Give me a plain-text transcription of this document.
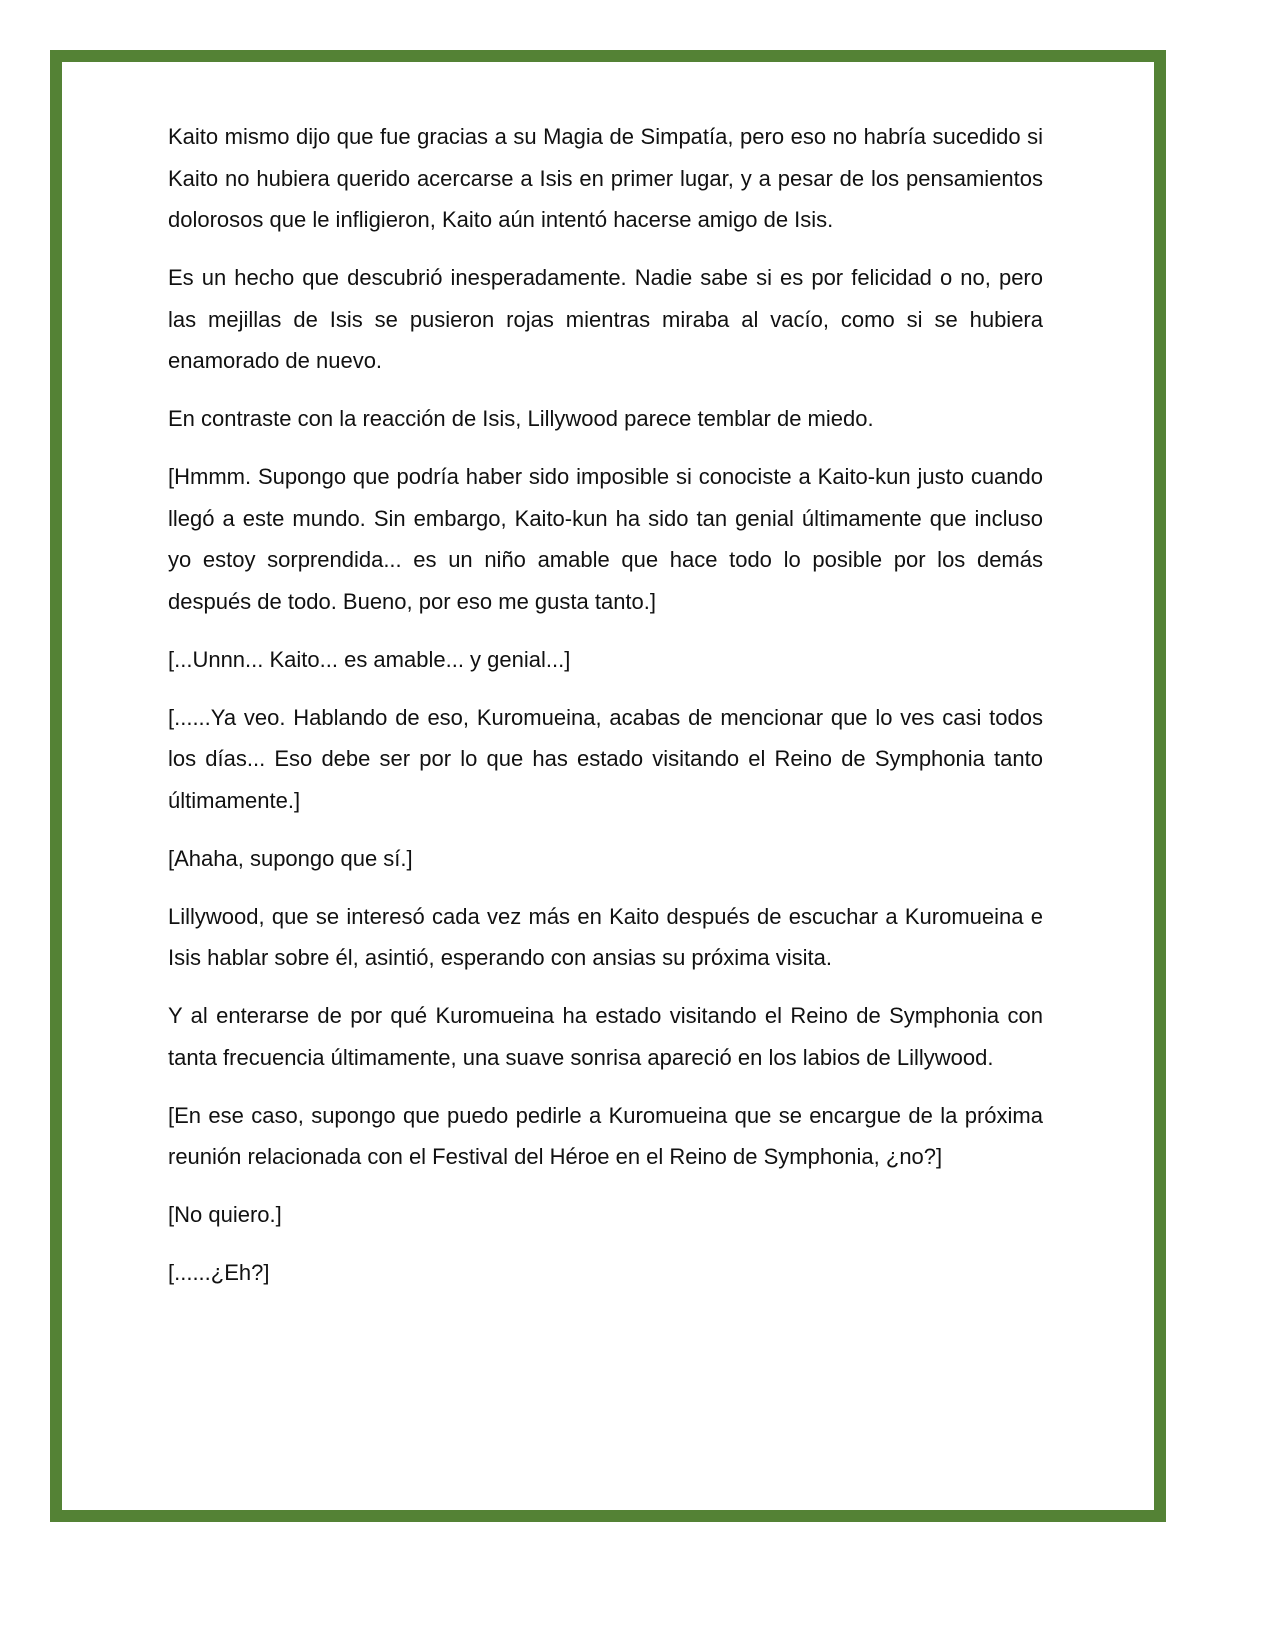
Kaito mismo dijo que fue gracias a su Magia de Simpatía, pero eso no habría sucedido si Kaito no hubiera querido acercarse a Isis en primer lugar, y a pesar de los pensamientos dolorosos que le infligieron, Kaito aún intentó hacerse amigo de Isis.

Es un hecho que descubrió inesperadamente. Nadie sabe si es por felicidad o no, pero las mejillas de Isis se pusieron rojas mientras miraba al vacío, como si se hubiera enamorado de nuevo.

En contraste con la reacción de Isis, Lillywood parece temblar de miedo.

[Hmmm. Supongo que podría haber sido imposible si conociste a Kaito-kun justo cuando llegó a este mundo. Sin embargo, Kaito-kun ha sido tan genial últimamente que incluso yo estoy sorprendida... es un niño amable que hace todo lo posible por los demás después de todo. Bueno, por eso me gusta tanto.]

[...Unnn... Kaito... es amable... y genial...]

[......Ya veo. Hablando de eso, Kuromueina, acabas de mencionar que lo ves casi todos los días... Eso debe ser por lo que has estado visitando el Reino de Symphonia tanto últimamente.]

[Ahaha, supongo que sí.]

Lillywood, que se interesó cada vez más en Kaito después de escuchar a Kuromueina e Isis hablar sobre él, asintió, esperando con ansias su próxima visita.

Y al enterarse de por qué Kuromueina ha estado visitando el Reino de Symphonia con tanta frecuencia últimamente, una suave sonrisa apareció en los labios de Lillywood.

[En ese caso, supongo que puedo pedirle a Kuromueina que se encargue de la próxima reunión relacionada con el Festival del Héroe en el Reino de Symphonia, ¿no?]

[No quiero.]

[......¿Eh?]
